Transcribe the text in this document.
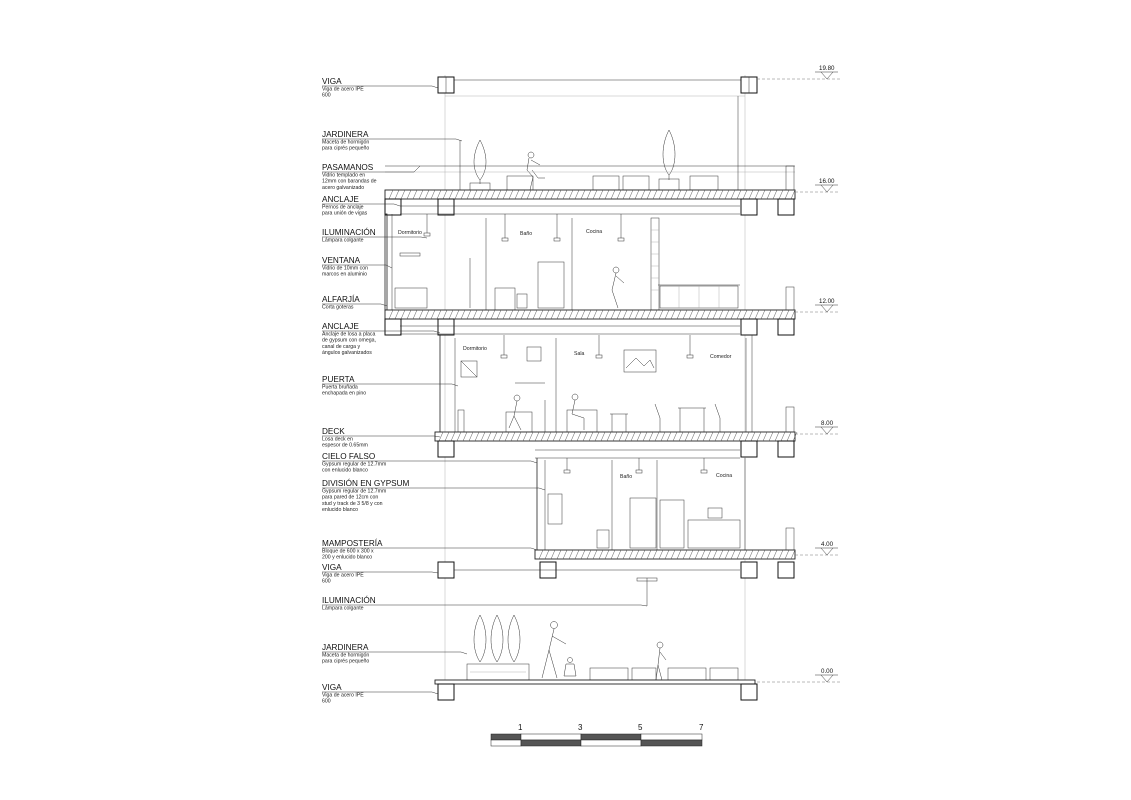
19.80
16.00
12.00
8.00
4.00
0.00
Dormitorio	Baño	Cocina
Dormitorio
Sala	Comedor
Baño	Cocina
VIGA
Viga de acero IPE
600
JARDINERA
Maceta de hormigón
para ciprés pequeño
PASAMANOS
Vidrio templado en
12mm con barandas de
acero galvanizado
ANCLAJE
Pernos de anclaje
para unión de vigas
ILUMINACIÓN
Lámpara colgante
VENTANA
Vidrio de 10mm con
marcos en aluminio
ALFARJÍA
Corta goteras
ANCLAJE
Anclaje de losa a placa
de gypsum con omega,
canal de carga y
ángulos galvanizados
PUERTA
Puerta bruñada
enchapada en pino
DECK
Losa deck en
espesor de 0.65mm
CIELO FALSO
Gypsum regular de 12.7mm
con enlucido blanco
DIVISIÓN EN GYPSUM
Gypsum regular de 12.7mm
para pared de 12cm con
stud y track de 3 5/8 y con
enlucido blanco
MAMPOSTERÍA
Bloque de 600 x 300 x
200 y enlucido blanco
VIGA
Viga de acero IPE
600
ILUMINACIÓN
Lámpara colgante
JARDINERA
Maceta de hormigón
para ciprés pequeño
VIGA
Viga de acero IPE
600
1	3	5	7
